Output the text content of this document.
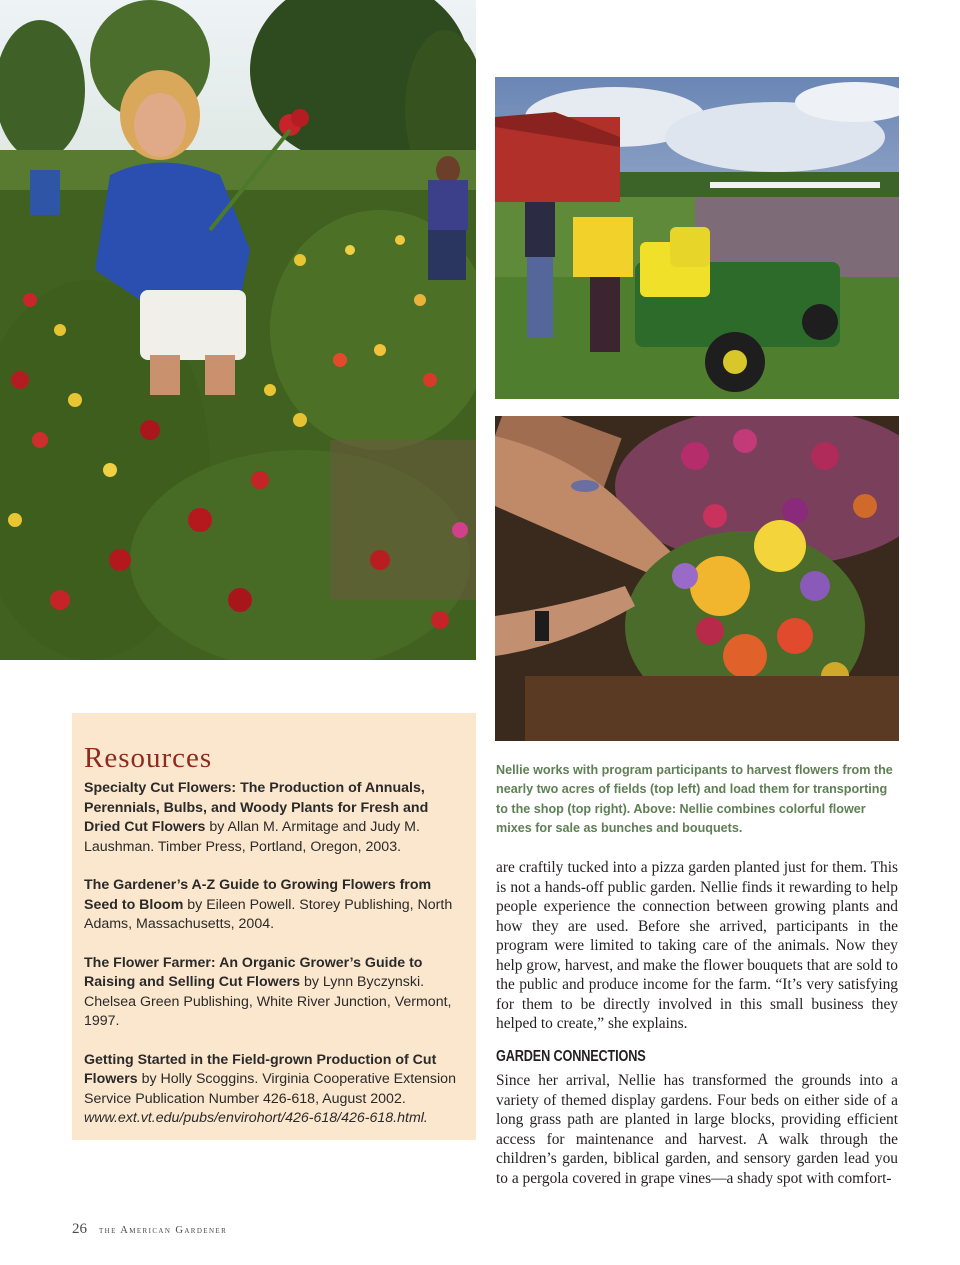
Resources

Specialty Cut Flowers: The Production of Annuals, Perennials, Bulbs, and Woody Plants for Fresh and Dried Cut Flowers by Allan M. Armitage and Judy M. Laushman. Timber Press, Portland, Oregon, 2003.

The Gardener’s A-Z Guide to Growing Flowers from Seed to Bloom by Eileen Powell. Storey Publishing, North Adams, Massachusetts, 2004.

The Flower Farmer: An Organic Grower’s Guide to Raising and Selling Cut Flowers by Lynn Byczynski. Chelsea Green Publishing, White River Junction, Vermont, 1997.

Getting Started in the Field-grown Production of Cut Flowers by Holly Scoggins. Virginia Cooperative Extension Service Publication Number 426-618, August 2002. www.ext.vt.edu/pubs/envirohort/426-618/426-618.html.

Nellie works with program participants to harvest flowers from the nearly two acres of fields (top left) and load them for transporting to the shop (top right). Above: Nellie combines colorful flower mixes for sale as bunches and bouquets.

are craftily tucked into a pizza garden planted just for them. This is not a hands-off public garden. Nellie finds it rewarding to help people experience the connection between growing plants and how they are used. Before she arrived, participants in the program were limited to taking care of the animals. Now they help grow, harvest, and make the flower bouquets that are sold to the public and produce income for the farm. “It’s very satisfying for them to be directly involved in this small business they helped to create,” she explains.

GARDEN CONNECTIONS

Since her arrival, Nellie has transformed the grounds into a variety of themed display gardens. Four beds on either side of a long grass path are planted in large blocks, providing efficient access for maintenance and harvest. A walk through the children’s garden, biblical garden, and sensory garden lead you to a pergola covered in grape vines—a shady spot with comfort-

26 the American Gardener
